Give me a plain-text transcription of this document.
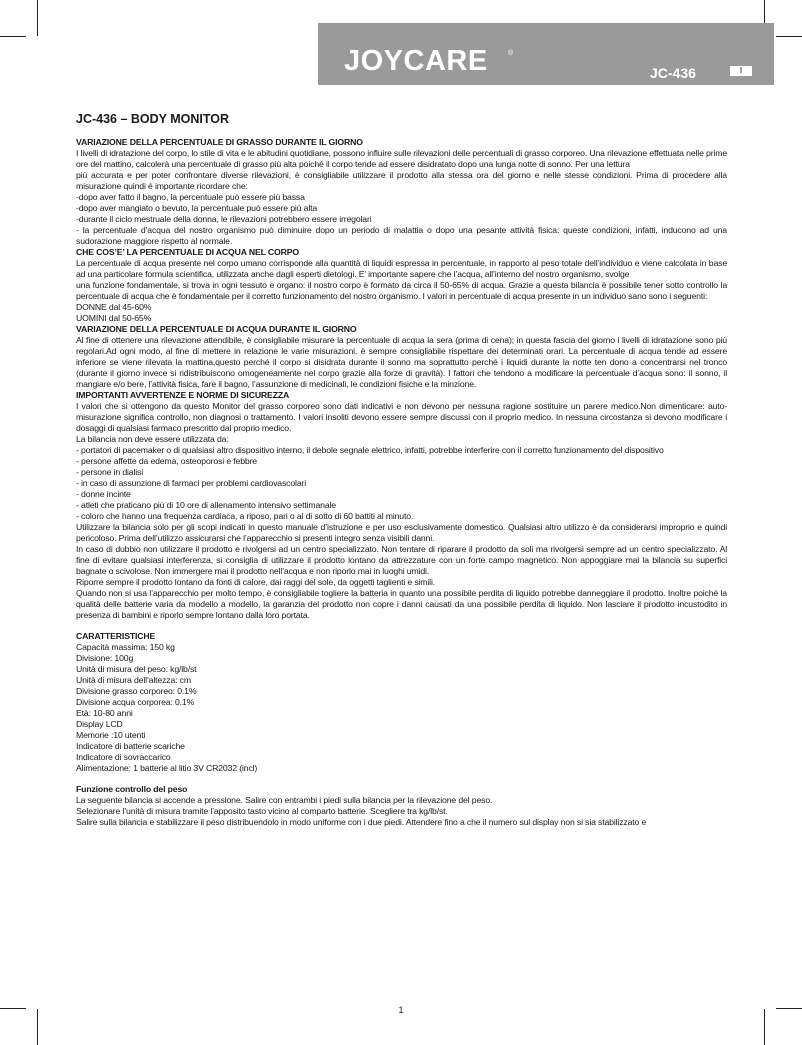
JOYCARE	®
JC-436	I
JC-436 – BODY MONITOR
VARIAZIONE DELLA PERCENTUALE DI GRASSO DURANTE IL GIORNO

I livelli di idratazione del corpo, lo stile di vita e le abitudini quotidiane, possono influire sulle rilevazioni delle percentuali di grasso corporeo. Una rilevazione effettuata nelle prime ore del mattino, calcolerà una percentuale di grasso più alta poiché il corpo tende ad essere disidratato dopo una lunga notte di sonno. Per una lettura

più accurata e per poter confrontare diverse rilevazioni, è consigliabile utilizzare il prodotto alla stessa ora del giorno e nelle stesse condizioni. Prima di procedere alla misurazione quindi è importante ricordare che:

-dopo aver fatto il bagno, la percentuale può essere più bassa

-dopo aver mangiato o bevuto, la percentuale può essere più alta

-durante il ciclo mestruale della donna, le rilevazioni potrebbero essere irregolari

- la percentuale d’acqua del nostro organismo può diminuire dopo un periodo di malattia o dopo una pesante attività fisica: queste condizioni, infatti, inducono ad una sudorazione maggiore rispetto al normale.

CHE COS’E’ LA PERCENTUALE DI ACQUA NEL CORPO

La percentuale di acqua presente nel corpo umano corrisponde alla quantità di liquidi espressa in percentuale, in rapporto al peso totale dell’individuo e viene calcolata in base ad una particolare formula scientifica, utilizzata anche dagli esperti dietologi. E’ importante sapere che l’acqua, all’interno del nostro organismo, svolge

una funzione fondamentale, si trova in ogni tessuto e organo: il nostro corpo è formato da circa il 50-65% di acqua. Grazie a questa bilancia è possibile tener sotto controllo la percentuale di acqua che è fondamentale per il corretto funzionamento del nostro organismo. I valori in percentuale di acqua presente in un individuo sano sono i seguenti:

DONNE dal 45-60%

UOMINI dal 50-65%

VARIAZIONE DELLA PERCENTUALE DI ACQUA DURANTE IL GIORNO

Al fine di ottenere una rilevazione attendibile, è consigliabile misurare la percentuale di acqua la sera (prima di cena); in questa fascia del giorno i livelli di idratazione sono più regolari.Ad ogni modo, al fine di mettere in relazione le varie misurazioni, è sempre consigliabile rispettare dei determinati orari. La percentuale di acqua tende ad essere inferiore se viene rilevata la mattina,questo perché il corpo si disidrata durante il sonno ma soprattutto perché i liquidi durante la notte ten dono a concentrarsi nel tronco (durante il giorno invece si ridistribuiscono omogeneamente nel corpo grazie alla forze di gravità). I fattori che tendono a modificare la percentuale d’acqua sono: il sonno, il mangiare e/o bere, l’attività fisica, fare il bagno, l’assunzione di medicinali, le condizioni fisiche e la minzione.

IMPORTANTI AVVERTENZE E NORME DI SICUREZZA

I valori che si ottengono da questo Monitor del grasso corporeo sono dati indicativi e non devono per nessuna ragione sostituire un parere medico.Non dimenticare: auto-misurazione significa controllo, non diagnosi o trattamento. I valori insoliti devono essere sempre discussi con il proprio medico. In nessuna circostanza si devono modificare i dosaggi di qualsiasi farmaco prescritto dal proprio medico.

La bilancia non deve essere utilizzata da:

- portatori di pacemaker o di qualsiasi altro dispositivo interno, il debole segnale elettrico, infatti, potrebbe interferire con il corretto funzionamento del dispositivo

- persone affette da edema, osteoporosi e febbre

- persone in dialisi

- in caso di assunzione di farmaci per problemi cardiovascolari

- donne incinte

- atleti che praticano più di 10 ore di allenamento intensivo settimanale

- coloro che hanno una frequenza cardiaca, a riposo, pari o al di sotto di 60 battiti al minuto.

Utilizzare la bilancia solo per gli scopi indicati in questo manuale d’istruzione e per uso esclusivamente domestico. Qualsiasi altro utilizzo è da considerarsi improprio e quindi pericoloso. Prima dell’utilizzo assicurarsi che l’apparecchio si presenti integro senza visibili danni.

In caso di dubbio non utilizzare il prodotto e rivolgersi ad un centro specializzato. Non tentare di riparare il prodotto da soli ma rivolgersi sempre ad un centro specializzato. Al fine di evitare qualsiasi interferenza, si consiglia di utilizzare il prodotto lontano da attrezzature con un forte campo magnetico. Non appoggiare mai la bilancia su superfici bagnate o scivolose. Non immergere mai il prodotto nell’acqua e non riporlo mai in luoghi umidi.

Riporre sempre il prodotto lontano da fonti di calore, dai raggi del sole, da oggetti taglienti e simili.

Quando non si usa l’apparecchio per molto tempo, è consigliabile togliere la batteria in quanto una possibile perdita di liquido potrebbe danneggiare il prodotto. Inoltre poiché la qualità delle batterie varia da modello a modello, la garanzia del prodotto non copre i danni causati da una possibile perdita di liquido. Non lasciare il prodotto incustodito in presenza di bambini e riporlo sempre lontano dalla loro portata.

CARATTERISTICHE

Capacità massima: 150 kg

Divisione: 100g

Unità di misura del peso: kg/lb/st

Unità di misura dell’altezza: cm

Divisione grasso corporeo: 0.1%

Divisione acqua corporea: 0.1%

Età: 10-80 anni

Display LCD

Memorie :10 utenti

Indicatore di batterie scariche

Indicatore di sovraccarico

Alimentazione: 1 batterie al litio 3V CR2032 (incl)

Funzione controllo del peso

La seguente bilancia si accende a pressione. Salire con entrambi i piedi sulla bilancia per la rilevazione del peso.

Selezionare l’unità di misura tramite l’apposito tasto vicino al comparto batterie. Scegliere tra kg/lb/st.

Salire sulla bilancia e stabilizzare il peso distribuendolo in modo uniforme con i due piedi. Attendere fino a che il numero sul display non si sia stabilizzato e

1
